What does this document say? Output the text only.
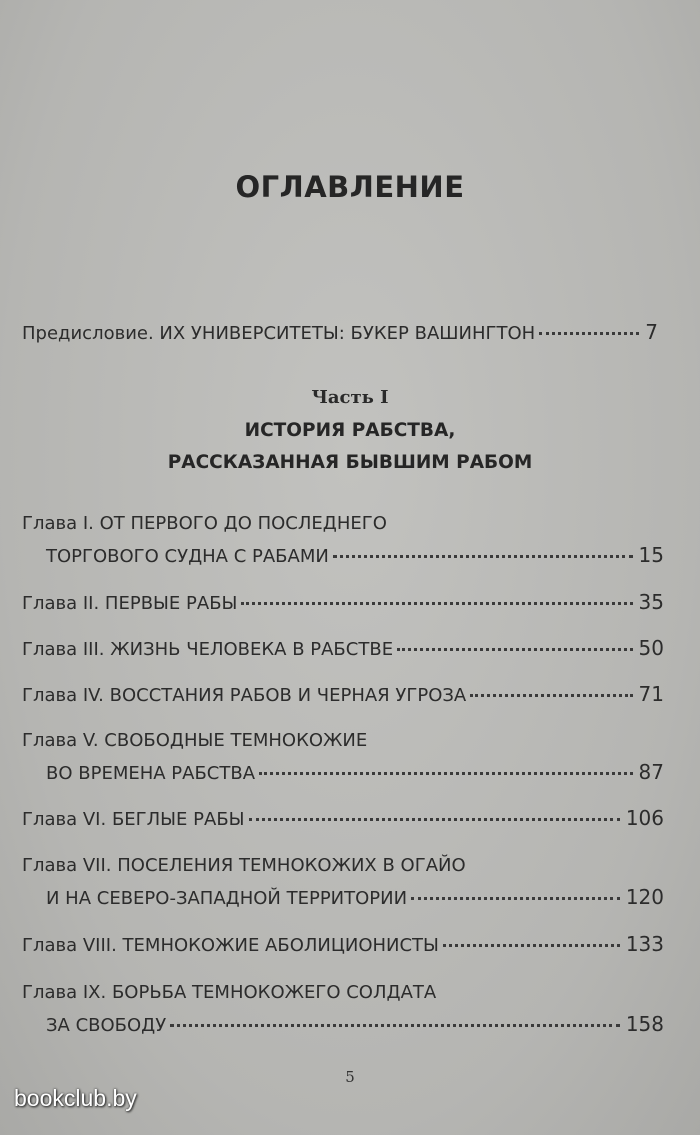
ОГЛАВЛЕНИЕ
Предисловие. ИХ УНИВЕРСИТЕТЫ: БУКЕР ВАШИНГТОН	7
Часть I
ИСТОРИЯ РАБСТВА,
РАССКАЗАННАЯ БЫВШИМ РАБОМ
Глава I. ОТ ПЕРВОГО ДО ПОСЛЕДНЕГО
ТОРГОВОГО СУДНА С РАБАМИ	15
Глава II. ПЕРВЫЕ РАБЫ	35
Глава III. ЖИЗНЬ ЧЕЛОВЕКА В РАБСТВЕ	50
Глава IV. ВОССТАНИЯ РАБОВ И ЧЕРНАЯ УГРОЗА	71
Глава V. СВОБОДНЫЕ ТЕМНОКОЖИЕ
ВО ВРЕМЕНА РАБСТВА	87
Глава VI. БЕГЛЫЕ РАБЫ	106
Глава VII. ПОСЕЛЕНИЯ ТЕМНОКОЖИХ В ОГАЙО
И НА СЕВЕРО-ЗАПАДНОЙ ТЕРРИТОРИИ	120
Глава VIII. ТЕМНОКОЖИЕ АБОЛИЦИОНИСТЫ	133
Глава IX. БОРЬБА ТЕМНОКОЖЕГО СОЛДАТА
ЗА СВОБОДУ	158
5
bookclub.by
